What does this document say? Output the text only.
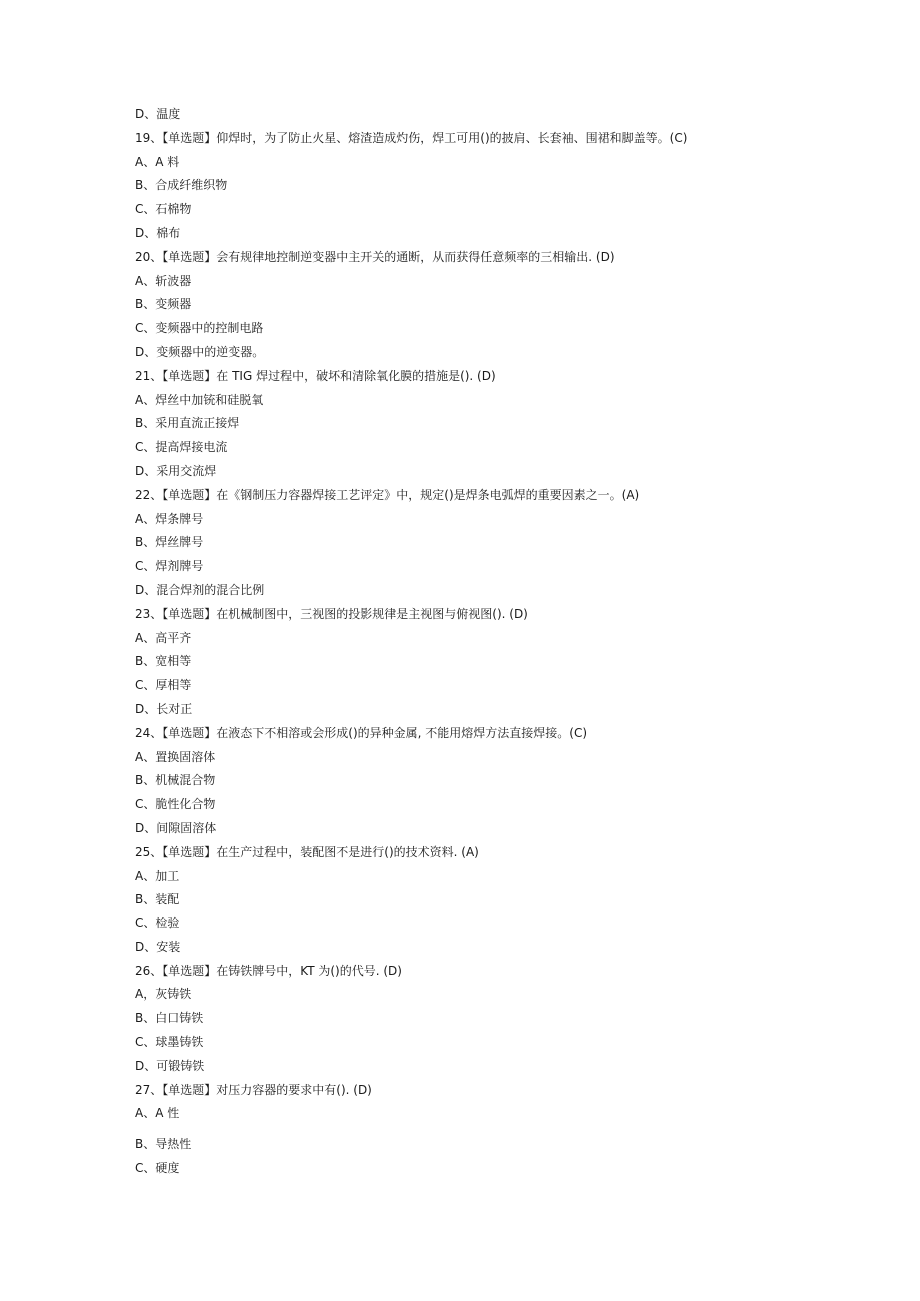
D、温度
19、【单选题】仰焊时，为了防止火星、熔渣造成灼伤，焊工可用()的披肩、长套袖、围裙和脚盖等。(C)
A、A 料
B、合成纤维织物
C、石棉物
D、棉布
20、【单选题】会有规律地控制逆变器中主开关的通断，从而获得任意频率的三相输出. (D)
A、斩波器
B、变频器
C、变频器中的控制电路
D、变频器中的逆变器。
21、【单选题】在 TIG 焊过程中，破坏和清除氧化膜的措施是(). (D)
A、焊丝中加铳和硅脱氧
B、采用直流正接焊
C、提高焊接电流
D、采用交流焊
22、【单选题】在《钢制压力容器焊接工艺评定》中，规定()是焊条电弧焊的重要因素之一。(A)
A、焊条牌号
B、焊丝牌号
C、焊剂牌号
D、混合焊剂的混合比例
23、【单选题】在机械制图中，三视图的投影规律是主视图与俯视图(). (D)
A、高平齐
B、宽相等
C、厚相等
D、长对正
24、【单选题】在液态下不相溶或会形成()的异种金属, 不能用熔焊方法直接焊接。(C)
A、置换固溶体
B、机械混合物
C、脆性化合物
D、间隙固溶体
25、【单选题】在生产过程中，装配图不是进行()的技术资料. (A)
A、加工
B、装配
C、检验
D、安装
26、【单选题】在铸铁牌号中，KT 为()的代号. (D)
A，灰铸铁
B、白口铸铁
C、球墨铸铁
D、可锻铸铁
27、【单选题】对压力容器的要求中有(). (D)
A、A 性
B、导热性
C、硬度
